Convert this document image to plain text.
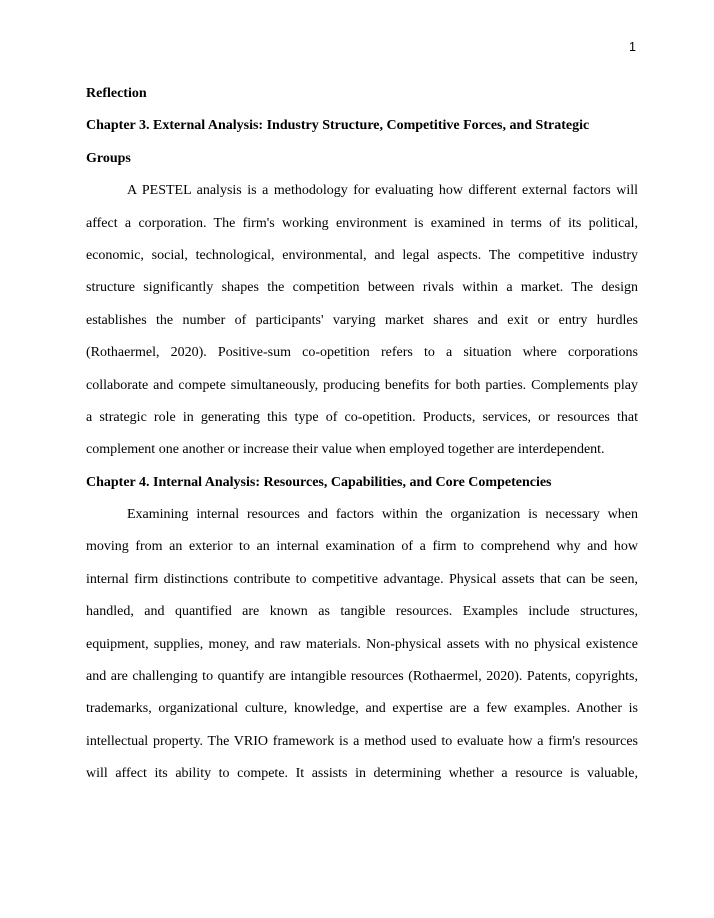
1
Reflection
Chapter 3. External Analysis: Industry Structure, Competitive Forces, and Strategic
Groups
A PESTEL analysis is a methodology for evaluating how different external factors will
affect a corporation. The firm's working environment is examined in terms of its political,
economic, social, technological, environmental, and legal aspects. The competitive industry
structure significantly shapes the competition between rivals within a market. The design
establishes the number of participants' varying market shares and exit or entry hurdles
(Rothaermel, 2020). Positive-sum co-opetition refers to a situation where corporations
collaborate and compete simultaneously, producing benefits for both parties. Complements play
a strategic role in generating this type of co-opetition. Products, services, or resources that
complement one another or increase their value when employed together are interdependent.
Chapter 4. Internal Analysis: Resources, Capabilities, and Core Competencies
Examining internal resources and factors within the organization is necessary when
moving from an exterior to an internal examination of a firm to comprehend why and how
internal firm distinctions contribute to competitive advantage. Physical assets that can be seen,
handled, and quantified are known as tangible resources. Examples include structures,
equipment, supplies, money, and raw materials. Non-physical assets with no physical existence
and are challenging to quantify are intangible resources (Rothaermel, 2020). Patents, copyrights,
trademarks, organizational culture, knowledge, and expertise are a few examples. Another is
intellectual property. The VRIO framework is a method used to evaluate how a firm's resources
will affect its ability to compete. It assists in determining whether a resource is valuable,
